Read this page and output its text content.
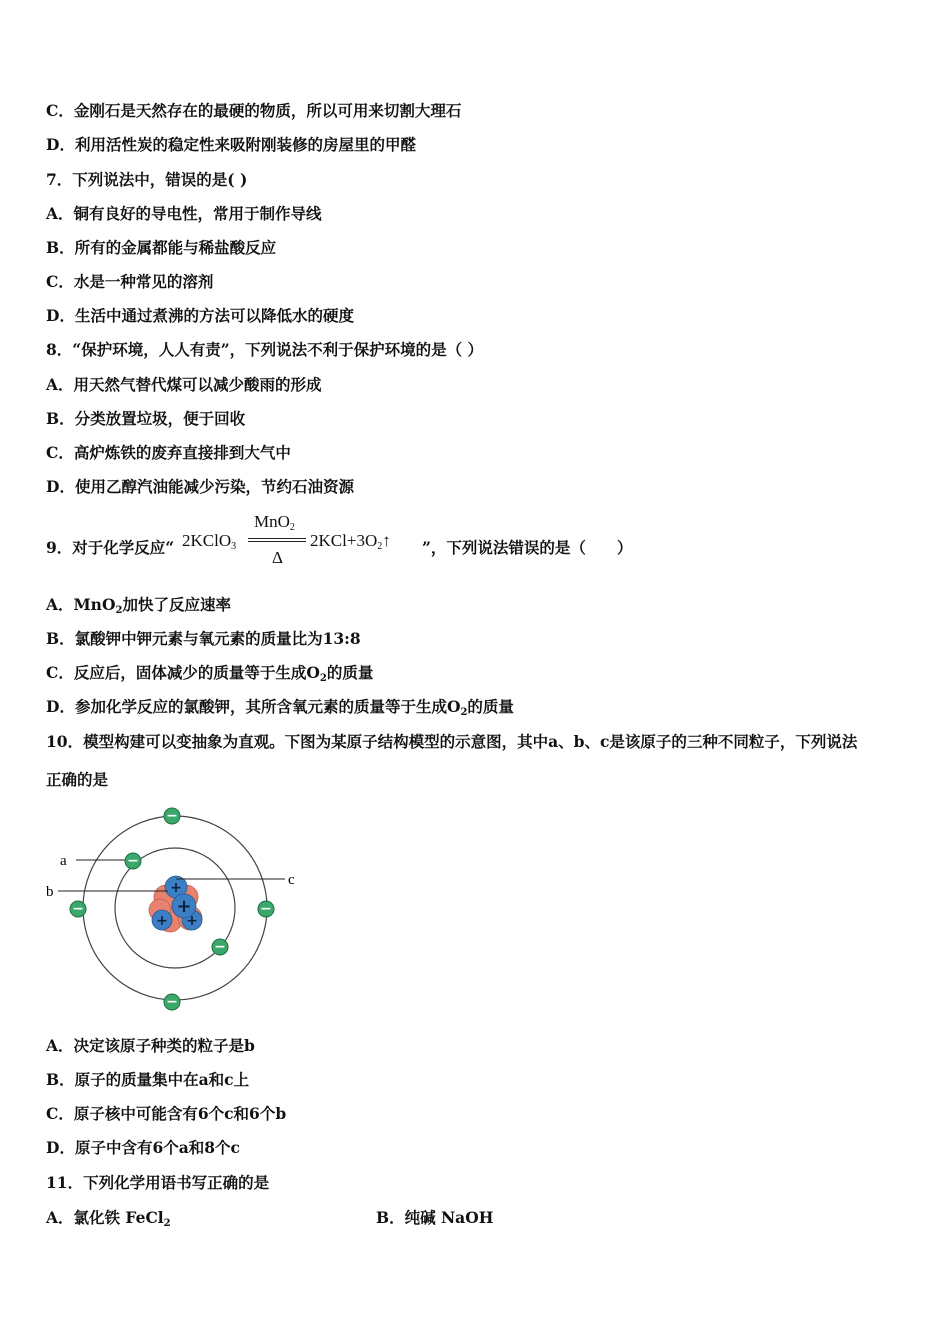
C．金刚石是天然存在的最硬的物质，所以可用来切割大理石
D．利用活性炭的稳定性来吸附刚装修的房屋里的甲醛
7．下列说法中，错误的是( )
A．铜有良好的导电性，常用于制作导线
B．所有的金属都能与稀盐酸反应
C．水是一种常见的溶剂
D．生活中通过煮沸的方法可以降低水的硬度
8．“保护环境，人人有责”，下列说法不利于保护环境的是（ ）
A．用天然气替代煤可以减少酸雨的形成
B．分类放置垃圾，便于回收
C．高炉炼铁的废弃直接排到大气中
D．使用乙醇汽油能减少污染，节约石油资源
9．对于化学反应“ 2KClO$_3$
MnO$_2$
Δ
$2KCl+3O_2↑$ ”，下列说法错误的是（　　）
A．MnO$_2$加快了反应速率
B．氯酸钾中钾元素与氧元素的质量比为13:8
C．反应后，固体减少的质量等于生成$O_2$的质量
D．参加化学反应的氯酸钾，其所含氧元素的质量等于生成$O_2$的质量
10．模型构建可以变抽象为直观。下图为某原子结构模型的示意图，其中a、b、c是该原子的三种不同粒子，下列说法
正确的是
+
+
+
+
−
−
−	−
−
−
a
b
c
A．决定该原子种类的粒子是b
B．原子的质量集中在a和c上
C．原子核中可能含有6个c和6个b
D．原子中含有6个a和8个c
11．下列化学用语书写正确的是
A．氯化铁 FeCl$_2$	B．纯碱 NaOH
